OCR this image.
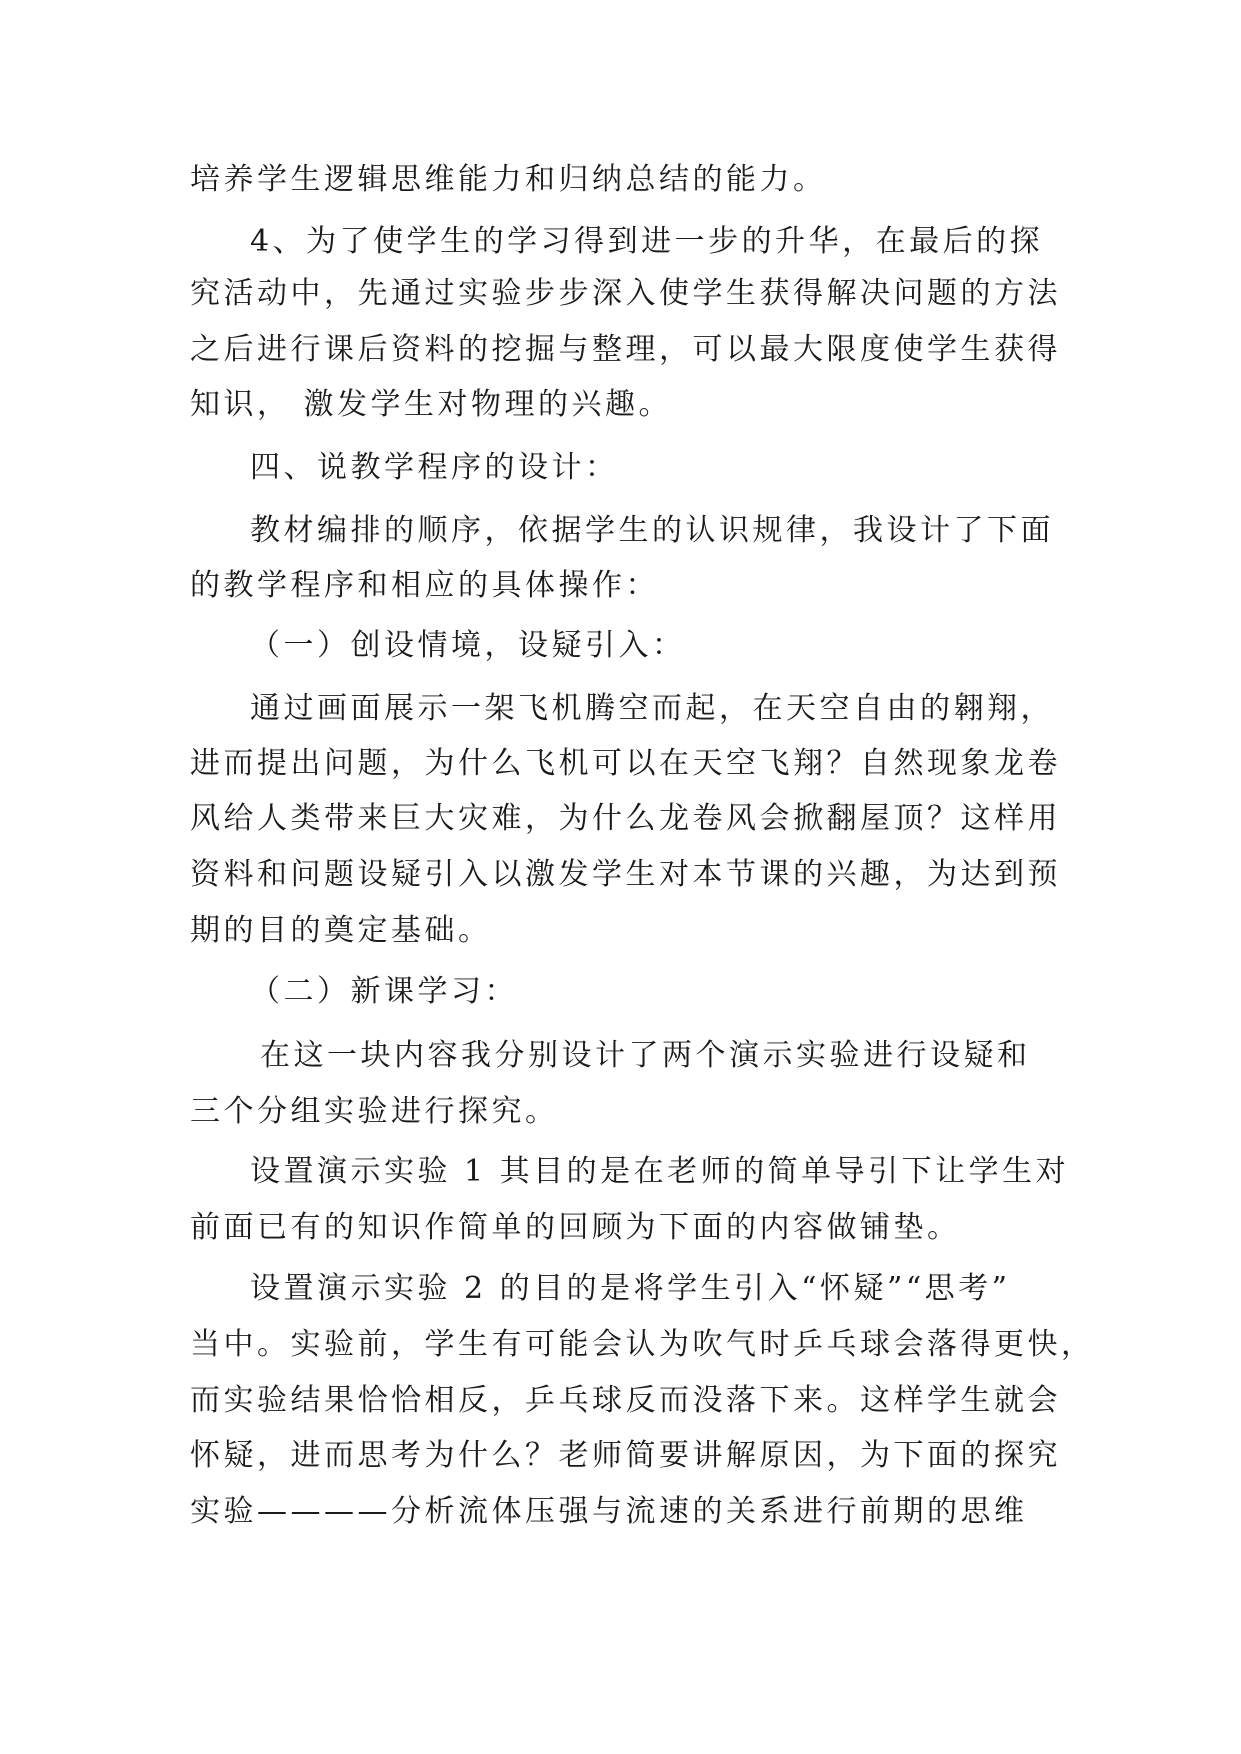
培养学生逻辑思维能力和归纳总结的能力。
4、为了使学生的学习得到进一步的升华，在最后的探
究活动中，先通过实验步步深入使学生获得解决问题的方法
之后进行课后资料的挖掘与整理，可以最大限度使学生获得
知识， 激发学生对物理的兴趣。
四、说教学程序的设计：
教材编排的顺序，依据学生的认识规律，我设计了下面
的教学程序和相应的具体操作：
（一）创设情境，设疑引入：
通过画面展示一架飞机腾空而起，在天空自由的翱翔，
进而提出问题，为什么飞机可以在天空飞翔？自然现象龙卷
风给人类带来巨大灾难，为什么龙卷风会掀翻屋顶？这样用
资料和问题设疑引入以激发学生对本节课的兴趣，为达到预
期的目的奠定基础。
（二）新课学习：
在这一块内容我分别设计了两个演示实验进行设疑和
三个分组实验进行探究。
设置演示实验 1 其目的是在老师的简单导引下让学生对
前面已有的知识作简单的回顾为下面的内容做铺垫。
设置演示实验 2 的目的是将学生引入“怀疑”“思考”
当中。实验前，学生有可能会认为吹气时乒乓球会落得更快，
而实验结果恰恰相反，乒乓球反而没落下来。这样学生就会
怀疑，进而思考为什么？老师简要讲解原因，为下面的探究
实验————分析流体压强与流速的关系进行前期的思维
